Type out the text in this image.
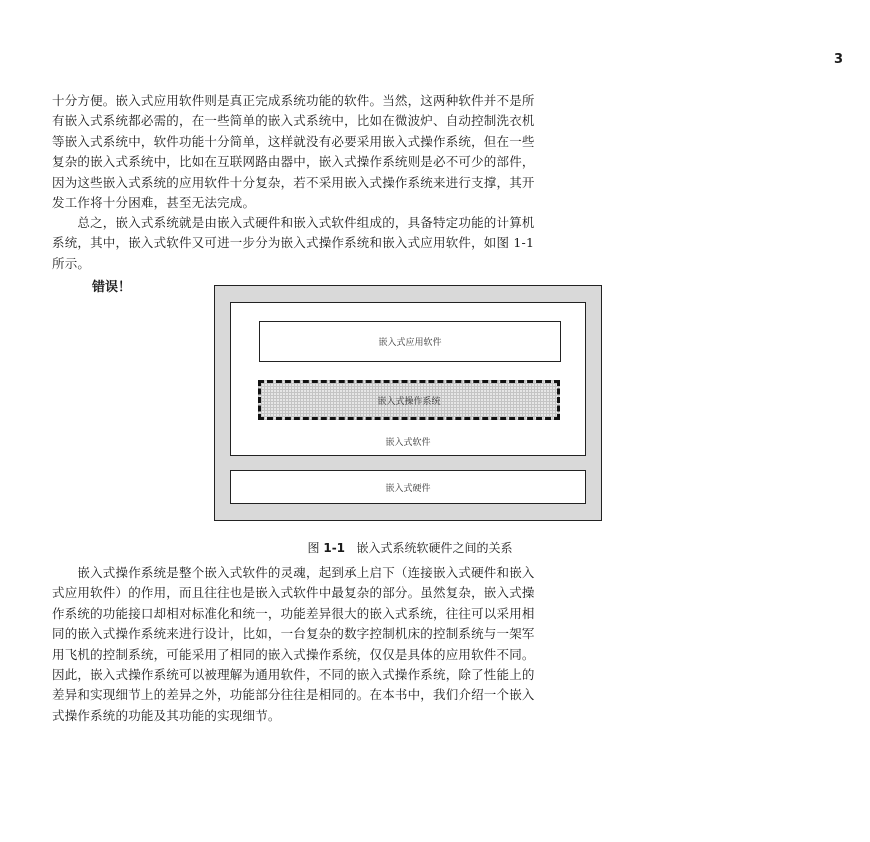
3
十分方便。嵌入式应用软件则是真正完成系统功能的软件。当然，这两种软件并不是所
有嵌入式系统都必需的，在一些简单的嵌入式系统中，比如在微波炉、自动控制洗衣机
等嵌入式系统中，软件功能十分简单，这样就没有必要采用嵌入式操作系统，但在一些
复杂的嵌入式系统中，比如在互联网路由器中，嵌入式操作系统则是必不可少的部件，
因为这些嵌入式系统的应用软件十分复杂，若不采用嵌入式操作系统来进行支撑，其开
发工作将十分困难，甚至无法完成。
　　总之，嵌入式系统就是由嵌入式硬件和嵌入式软件组成的，具备特定功能的计算机
系统，其中，嵌入式软件又可进一步分为嵌入式操作系统和嵌入式应用软件，如图 1-1
所示。
错误！
嵌入式应用软件
嵌入式操作系统
嵌入式软件
嵌入式硬件
图 1-1 嵌入式系统软硬件之间的关系
　　嵌入式操作系统是整个嵌入式软件的灵魂，起到承上启下（连接嵌入式硬件和嵌入
式应用软件）的作用，而且往往也是嵌入式软件中最复杂的部分。虽然复杂，嵌入式操
作系统的功能接口却相对标准化和统一，功能差异很大的嵌入式系统，往往可以采用相
同的嵌入式操作系统来进行设计，比如，一台复杂的数字控制机床的控制系统与一架军
用飞机的控制系统，可能采用了相同的嵌入式操作系统，仅仅是具体的应用软件不同。
因此，嵌入式操作系统可以被理解为通用软件，不同的嵌入式操作系统，除了性能上的
差异和实现细节上的差异之外，功能部分往往是相同的。在本书中，我们介绍一个嵌入
式操作系统的功能及其功能的实现细节。
